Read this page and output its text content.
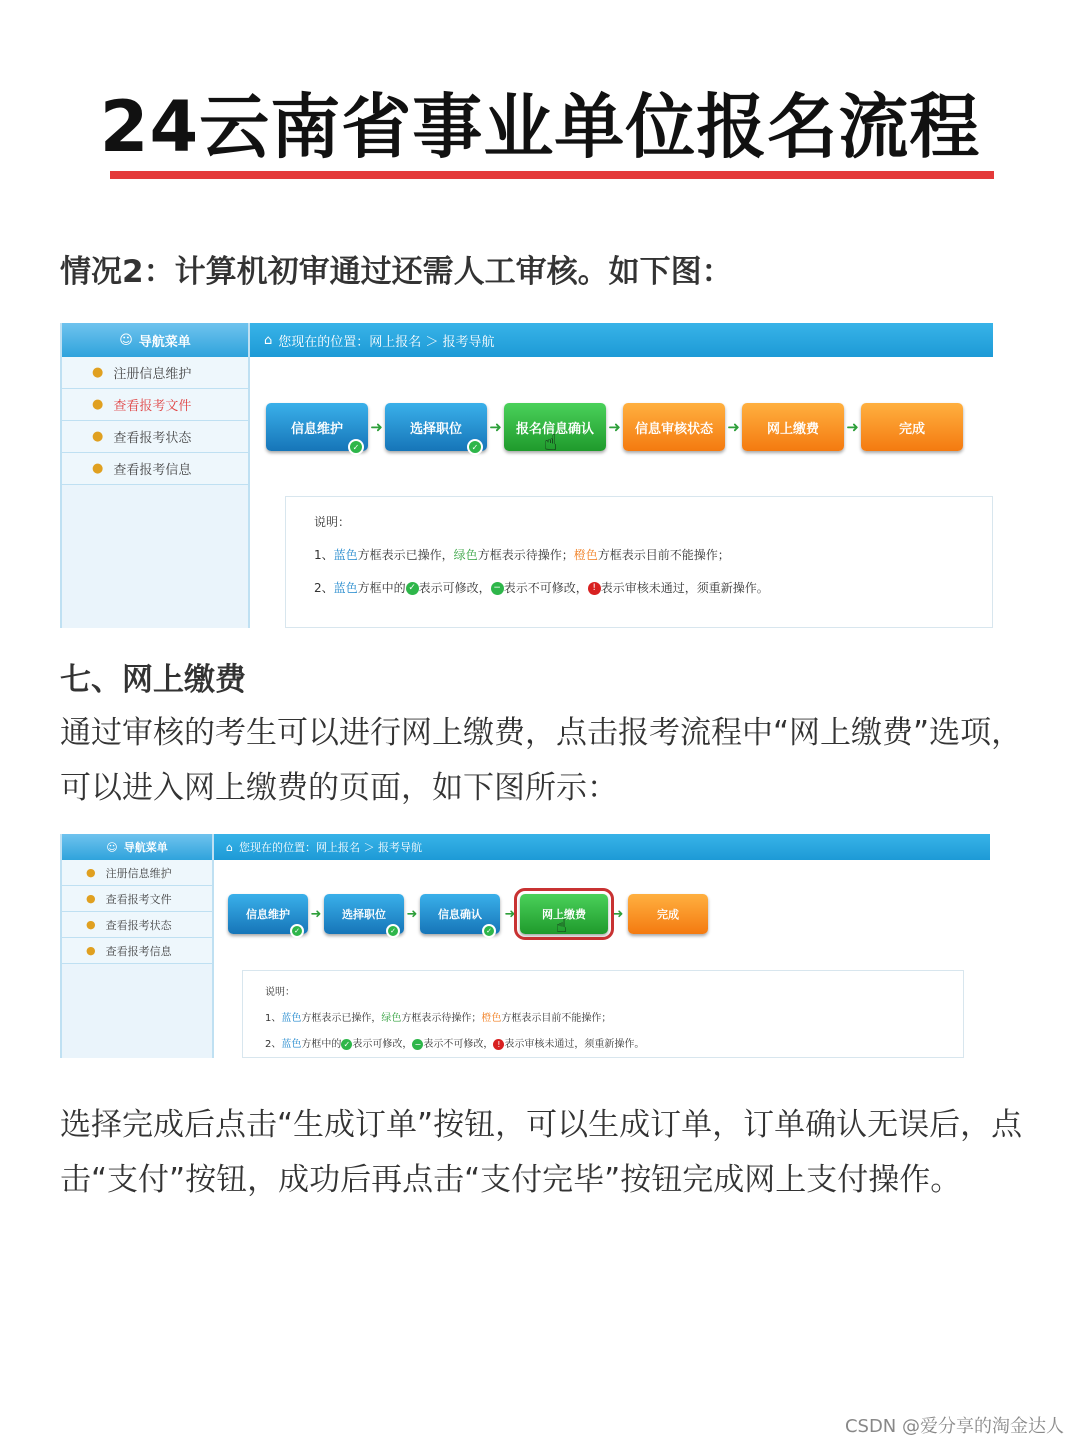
24云南省事业单位报名流程
情况2：计算机初审通过还需人工审核。如下图：
☺ 导航菜单
● 注册信息维护
● 查看报考文件
● 查看报考状态
● 查看报考信息
⌂ 您现在的位置：网上报名 ＞ 报考导航
信息维护
✓
➜ 选择职位
✓
➜ 报名信息确认
☝
➜ 信息审核状态 ➜ 网上缴费 ➜	完成
说明：
1、蓝色方框表示已操作，绿色方框表示待操作；橙色方框表示目前不能操作；
2、蓝色方框中的 ✓ 表示可修改， − 表示不可修改， ! 表示审核未通过，须重新操作。
七、网上缴费
通过审核的考生可以进行网上缴费，点击报考流程中“网上缴费”选项，可以进入网上缴费的页面，如下图所示：
☺ 导航菜单
● 注册信息维护
● 查看报考文件
● 查看报考状态
● 查看报考信息
⌂ 您现在的位置：网上报名 ＞ 报考导航
信息维护
✓
➜ 选择职位
✓
➜ 信息确认
✓
➜	网上缴费
☝
➜	完成
说明：
1、蓝色方框表示已操作，绿色方框表示待操作；橙色方框表示目前不能操作；
2、蓝色方框中的 ✓ 表示可修改， − 表示不可修改， ! 表示审核未通过，须重新操作。
选择完成后点击“生成订单”按钮，可以生成订单，订单确认无误后，点击“支付”按钮，成功后再点击“支付完毕”按钮完成网上支付操作。
CSDN @爱分享的淘金达人
